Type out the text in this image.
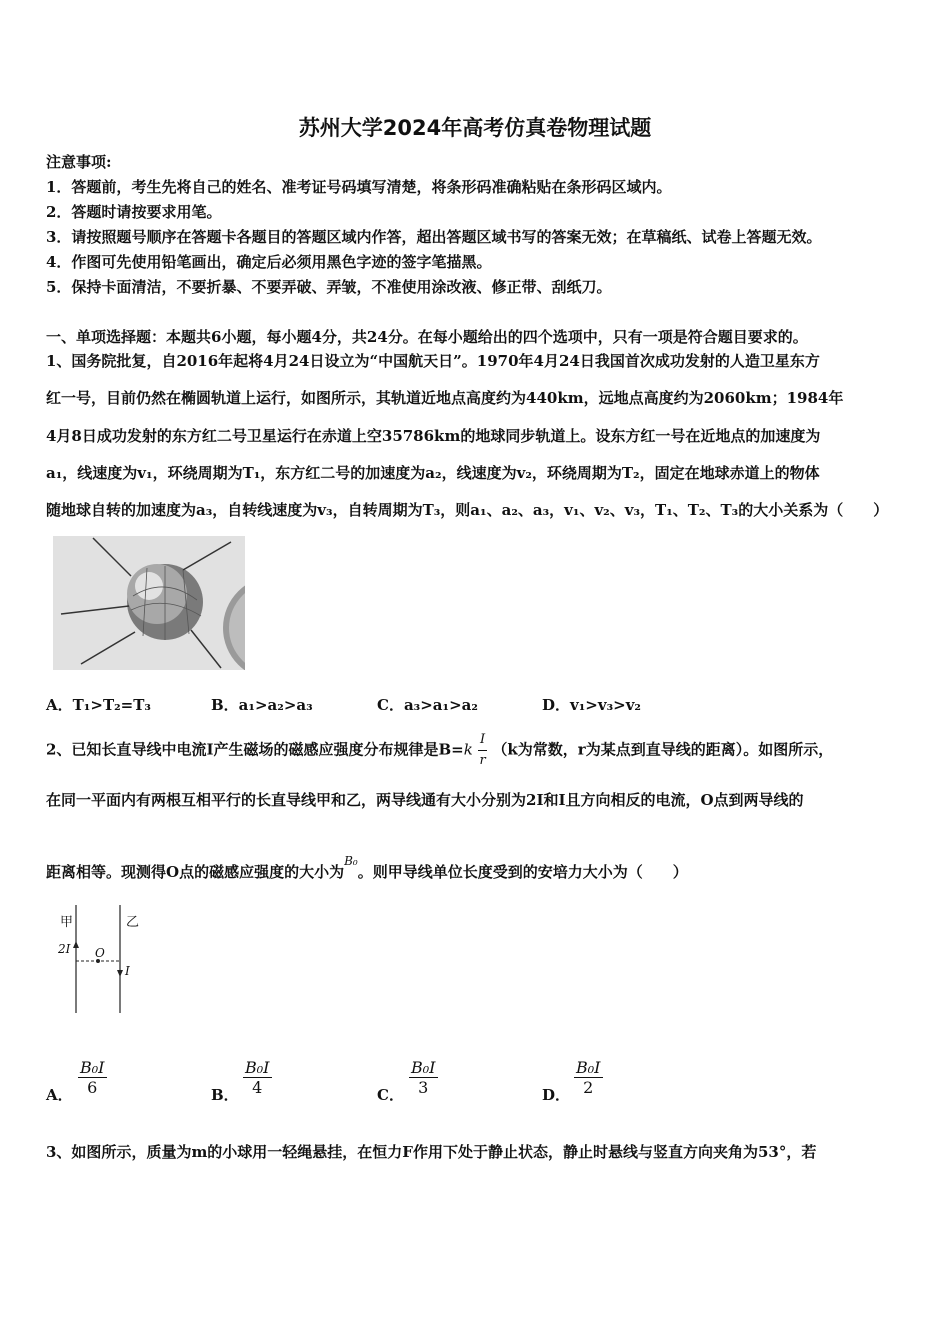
苏州大学2024年高考仿真卷物理试题
注意事项:
1．答题前，考生先将自己的姓名、准考证号码填写清楚，将条形码准确粘贴在条形码区域内。
2．答题时请按要求用笔。
3．请按照题号顺序在答题卡各题目的答题区域内作答，超出答题区域书写的答案无效；在草稿纸、试卷上答题无效。
4．作图可先使用铅笔画出，确定后必须用黑色字迹的签字笔描黑。
5．保持卡面清洁，不要折暴、不要弄破、弄皱，不准使用涂改液、修正带、刮纸刀。
一、单项选择题：本题共6小题，每小题4分，共24分。在每小题给出的四个选项中，只有一项是符合题目要求的。
1、国务院批复，自2016年起将4月24日设立为“中国航天日”。1970年4月24日我国首次成功发射的人造卫星东方
红一号，目前仍然在椭圆轨道上运行，如图所示，其轨道近地点高度约为440km，远地点高度约为2060km；1984年
4月8日成功发射的东方红二号卫星运行在赤道上空35786km的地球同步轨道上。设东方红一号在近地点的加速度为
a₁，线速度为v₁，环绕周期为T₁，东方红二号的加速度为a₂，线速度为v₂，环绕周期为T₂，固定在地球赤道上的物体
随地球自转的加速度为a₃，自转线速度为v₃，自转周期为T₃，则a₁、a₂、a₃，v₁、v₂、v₃，T₁、T₂、T₃的大小关系为（　　）
A．T₁>T₂=T₃	B．a₁>a₂>a₃	C．a₃>a₁>a₂	D．v₁>v₃>v₂
2、已知长直导线中电流I产生磁场的磁感应强度分布规律是$B=k \frac{I}{r} (k$为常数，r为某点到直导线的距离）。如图所示，
在同一平面内有两根互相平行的长直导线甲和乙，两导线通有大小分别为2I和I且方向相反的电流，O点到两导线的
距离相等。现测得O点的磁感应强度的大小为$^{B_0}$。则甲导线单位长度受到的安培力大小为（　　）
甲	乙
2I
I
O
A． $\frac{\text{B₀I}}{6}$	B． $\frac{\text{B₀I}}{4}$	C． $\frac{\text{B₀I}}{3}$	D． $\frac{\text{B₀I}}{2}$
3、如图所示，质量为m的小球用一轻绳悬挂，在恒力F作用下处于静止状态，静止时悬线与竖直方向夹角为53°，若
